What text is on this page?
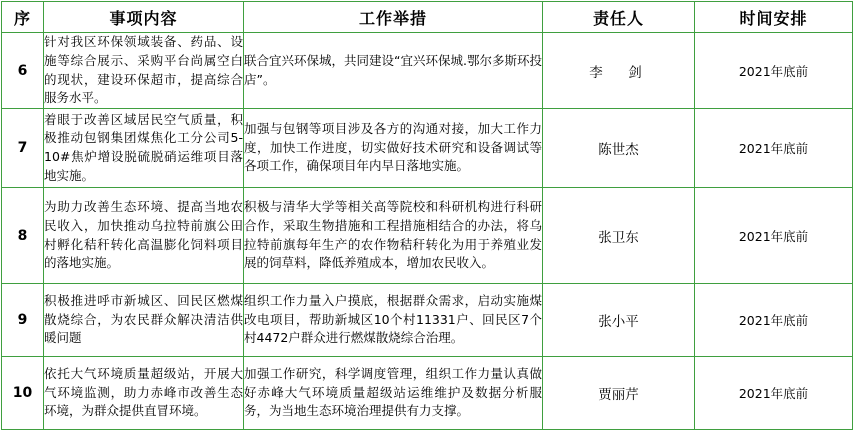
序	事项内容	工作举措	责任人	时间安排
6	针对我区环保领域装备、药品、设施等综合展示、采购平台尚属空白的现状，建设环保超市，提高综合服务水平。	联合宜兴环保城，共同建设“宜兴环保城.鄂尔多斯环投店”。	李　剑	2021年底前
7	着眼于改善区域居民空气质量，积极推动包钢集团煤焦化工分公司5-10#焦炉增设脱硫脱硝运维项目落地实施。	加强与包钢等项目涉及各方的沟通对接，加大工作力度，加快工作进度，切实做好技术研究和设备调试等各项工作，确保项目年内早日落地实施。	陈世杰	2021年底前
8	为助力改善生态环境、提高当地农民收入，加快推动乌拉特前旗公田村孵化秸秆转化高温膨化饲料项目的落地实施。	积极与清华大学等相关高等院校和科研机构进行科研合作，采取生物措施和工程措施相结合的办法，将乌拉特前旗每年生产的农作物秸秆转化为用于养殖业发展的饲草料，降低养殖成本，增加农民收入。	张卫东	2021年底前
9	积极推进呼市新城区、回民区燃煤散烧综合，为农民群众解决清洁供暖问题	组织工作力量入户摸底，根据群众需求，启动实施煤改电项目，帮助新城区10个村11331户、回民区7个村4472户群众进行燃煤散烧综合治理。	张小平	2021年底前
10	依托大气环境质量超级站，开展大气环境监测，助力赤峰市改善生态环境，为群众提供直冒环境。	加强工作研究，科学调度管理，组织工作力量认真做好赤峰大气环境质量超级站运维维护及数据分析服务，为当地生态环境治理提供有力支撑。	贾丽芹	2021年底前
